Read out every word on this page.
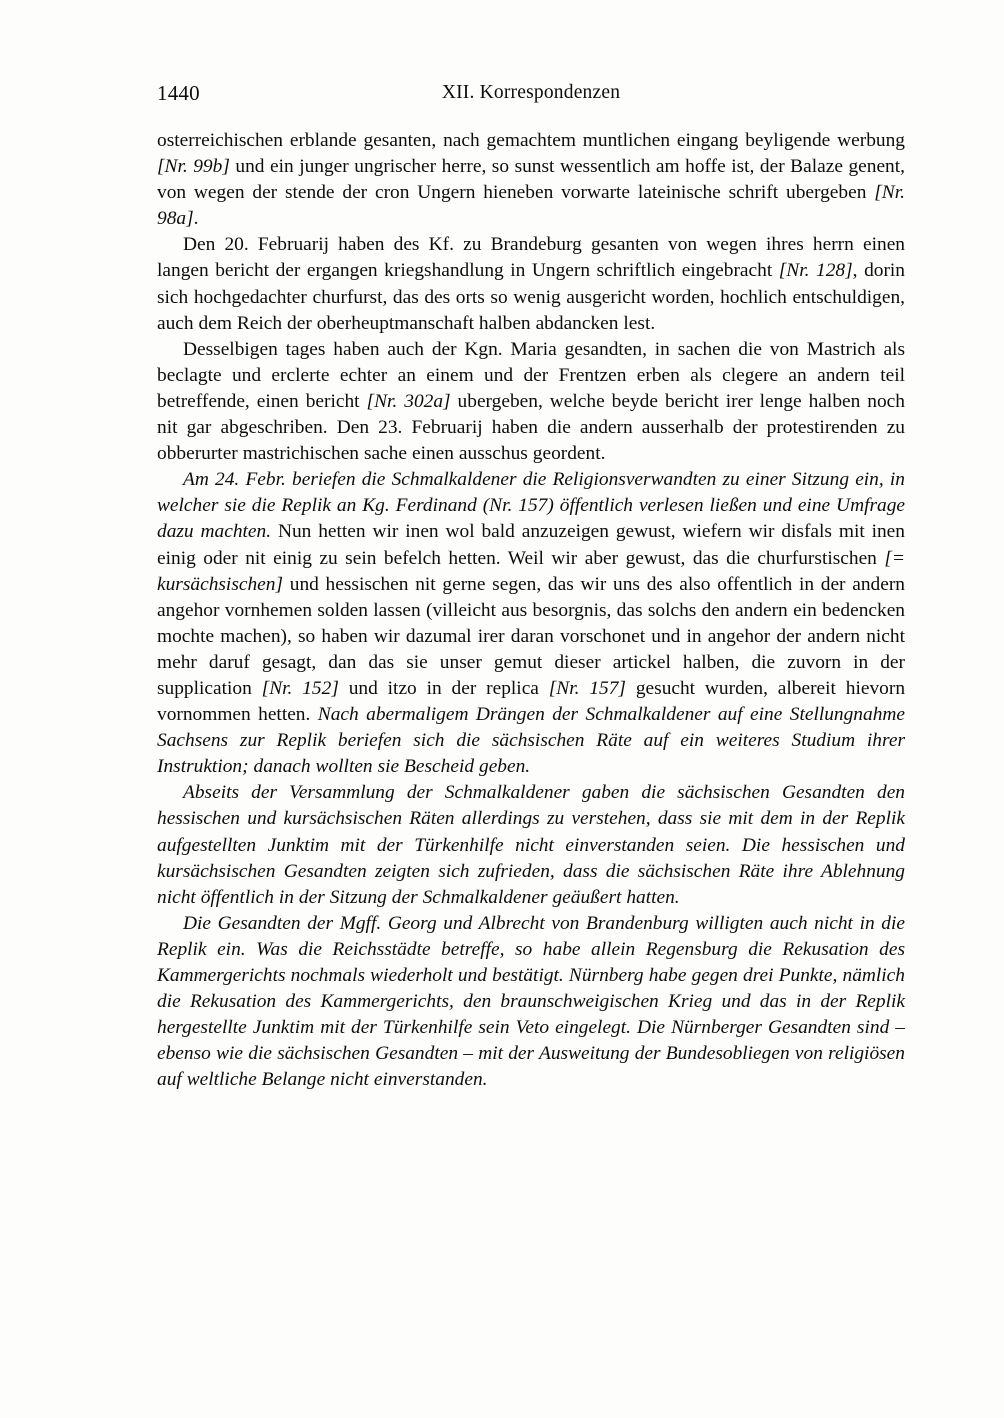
1440	XII. Korrespondenzen

osterreichischen erblande gesanten, nach gemachtem muntlichen eingang beyligende werbung [Nr. 99b] und ein junger ungrischer herre, so sunst wessentlich am hoffe ist, der Balaze genent, von wegen der stende der cron Ungern hieneben vorwarte lateinische schrift ubergeben [Nr. 98a].

Den 20. Februarij haben des Kf. zu Brandeburg gesanten von wegen ihres herrn einen langen bericht der ergangen kriegshandlung in Ungern schriftlich eingebracht [Nr. 128], dorin sich hochgedachter churfurst, das des orts so wenig ausgericht worden, hochlich entschuldigen, auch dem Reich der oberheuptmanschaft halben abdancken lest.

Desselbigen tages haben auch der Kgn. Maria gesandten, in sachen die von Mastrich als beclagte und erclerte echter an einem und der Frentzen erben als clegere an andern teil betreffende, einen bericht [Nr. 302a] ubergeben, welche beyde bericht irer lenge halben noch nit gar abgeschriben. Den 23. Februarij haben die andern ausserhalb der protestirenden zu obberurter mastrichischen sache einen ausschus geordent.

Am 24. Febr. beriefen die Schmalkaldener die Religionsverwandten zu einer Sitzung ein, in welcher sie die Replik an Kg. Ferdinand (Nr. 157) öffentlich verlesen ließen und eine Umfrage dazu machten. Nun hetten wir inen wol bald anzuzeigen gewust, wiefern wir disfals mit inen einig oder nit einig zu sein befelch hetten. Weil wir aber gewust, das die churfurstischen [= kursächsischen] und hessischen nit gerne segen, das wir uns des also offentlich in der andern angehor vornhemen solden lassen (villeicht aus besorgnis, das solchs den andern ein bedencken mochte machen), so haben wir dazumal irer daran vorschonet und in angehor der andern nicht mehr daruf gesagt, dan das sie unser gemut dieser artickel halben, die zuvorn in der supplication [Nr. 152] und itzo in der replica [Nr. 157] gesucht wurden, albereit hievorn vornommen hetten. Nach abermaligem Drängen der Schmalkaldener auf eine Stellungnahme Sachsens zur Replik beriefen sich die sächsischen Räte auf ein weiteres Studium ihrer Instruktion; danach wollten sie Bescheid geben.

Abseits der Versammlung der Schmalkaldener gaben die sächsischen Gesandten den hessischen und kursächsischen Räten allerdings zu verstehen, dass sie mit dem in der Replik aufgestellten Junktim mit der Türkenhilfe nicht einverstanden seien. Die hessischen und kursächsischen Gesandten zeigten sich zufrieden, dass die sächsischen Räte ihre Ablehnung nicht öffentlich in der Sitzung der Schmalkaldener geäußert hatten.

Die Gesandten der Mgff. Georg und Albrecht von Brandenburg willigten auch nicht in die Replik ein. Was die Reichsstädte betreffe, so habe allein Regensburg die Rekusation des Kammergerichts nochmals wiederholt und bestätigt. Nürnberg habe gegen drei Punkte, nämlich die Rekusation des Kammergerichts, den braunschweigischen Krieg und das in der Replik hergestellte Junktim mit der Türkenhilfe sein Veto eingelegt. Die Nürnberger Gesandten sind – ebenso wie die sächsischen Gesandten – mit der Ausweitung der Bundesobliegen von religiösen auf weltliche Belange nicht einverstanden.
